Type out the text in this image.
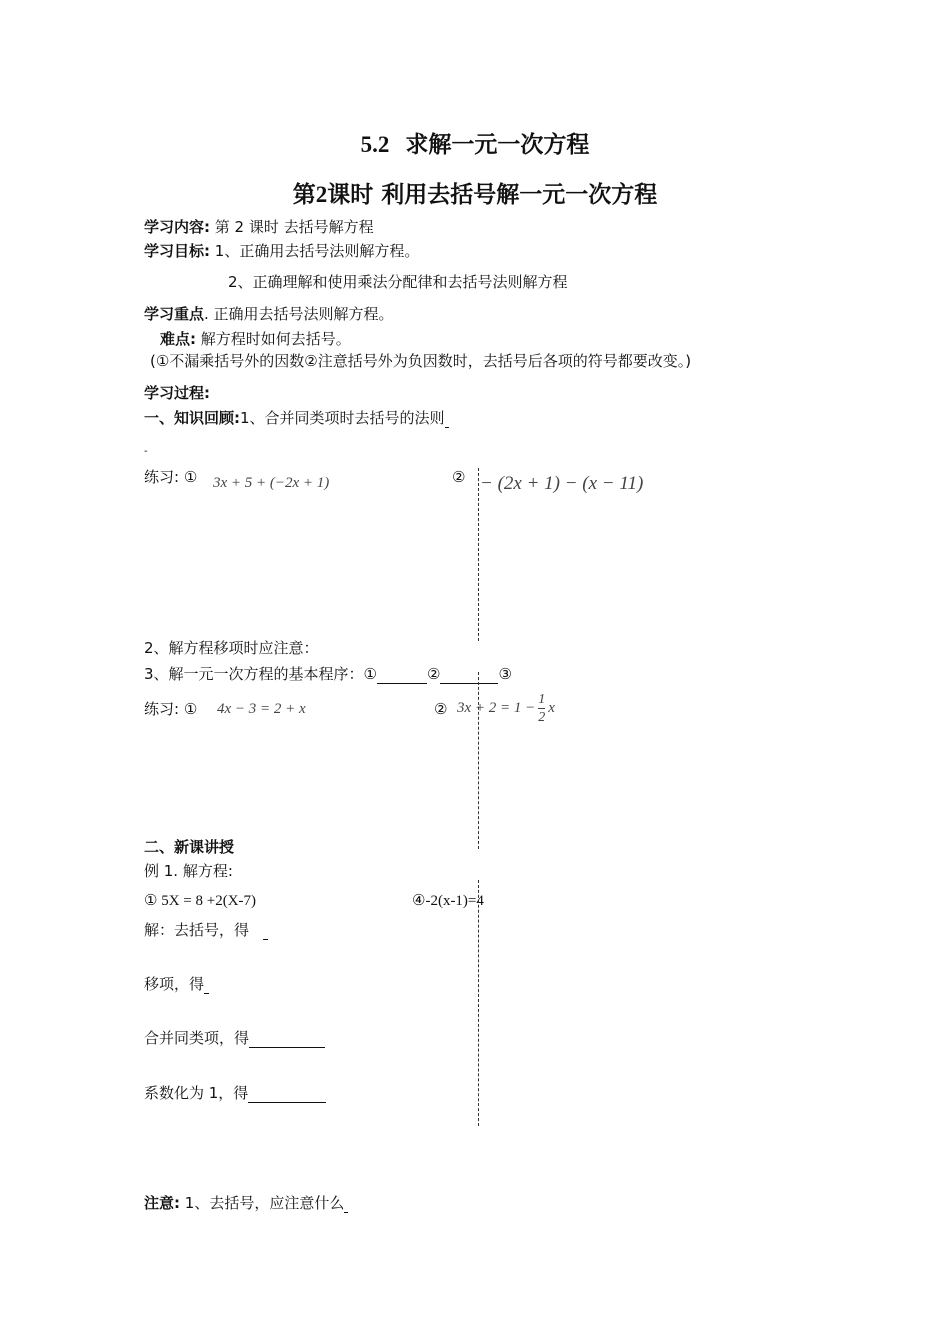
5.2 求解一元一次方程
第2课时 利用去括号解一元一次方程
学习内容: 第 2 课时 去括号解方程
学习目标: 1、正确用去括号法则解方程。
2、正确理解和使用乘法分配律和去括号法则解方程
学习重点. 正确用去括号法则解方程。
难点: 解方程时如何去括号。
(①不漏乘括号外的因数②注意括号外为负因数时，去括号后各项的符号都要改变。)
学习过程:
一、知识回顾:1、合并同类项时去括号的法则
-
练习: ① 3x + 5 + (−2x + 1)	② − (2x + 1) − (x − 11)
2、解方程移项时应注意：
3、解一元一次方程的基本程序：①	②	③
练习: ① 4x − 3 = 2 + x	② $3x + 2 = 1 - \frac{1}{2}$ x
二、新课讲授
例 1. 解方程:
① 5X = 8 +2(X-7)	④-2(x-1)=4
解：去括号，得
移项，得
合并同类项，得
系数化为 1，得
注意: 1、去括号，应注意什么
